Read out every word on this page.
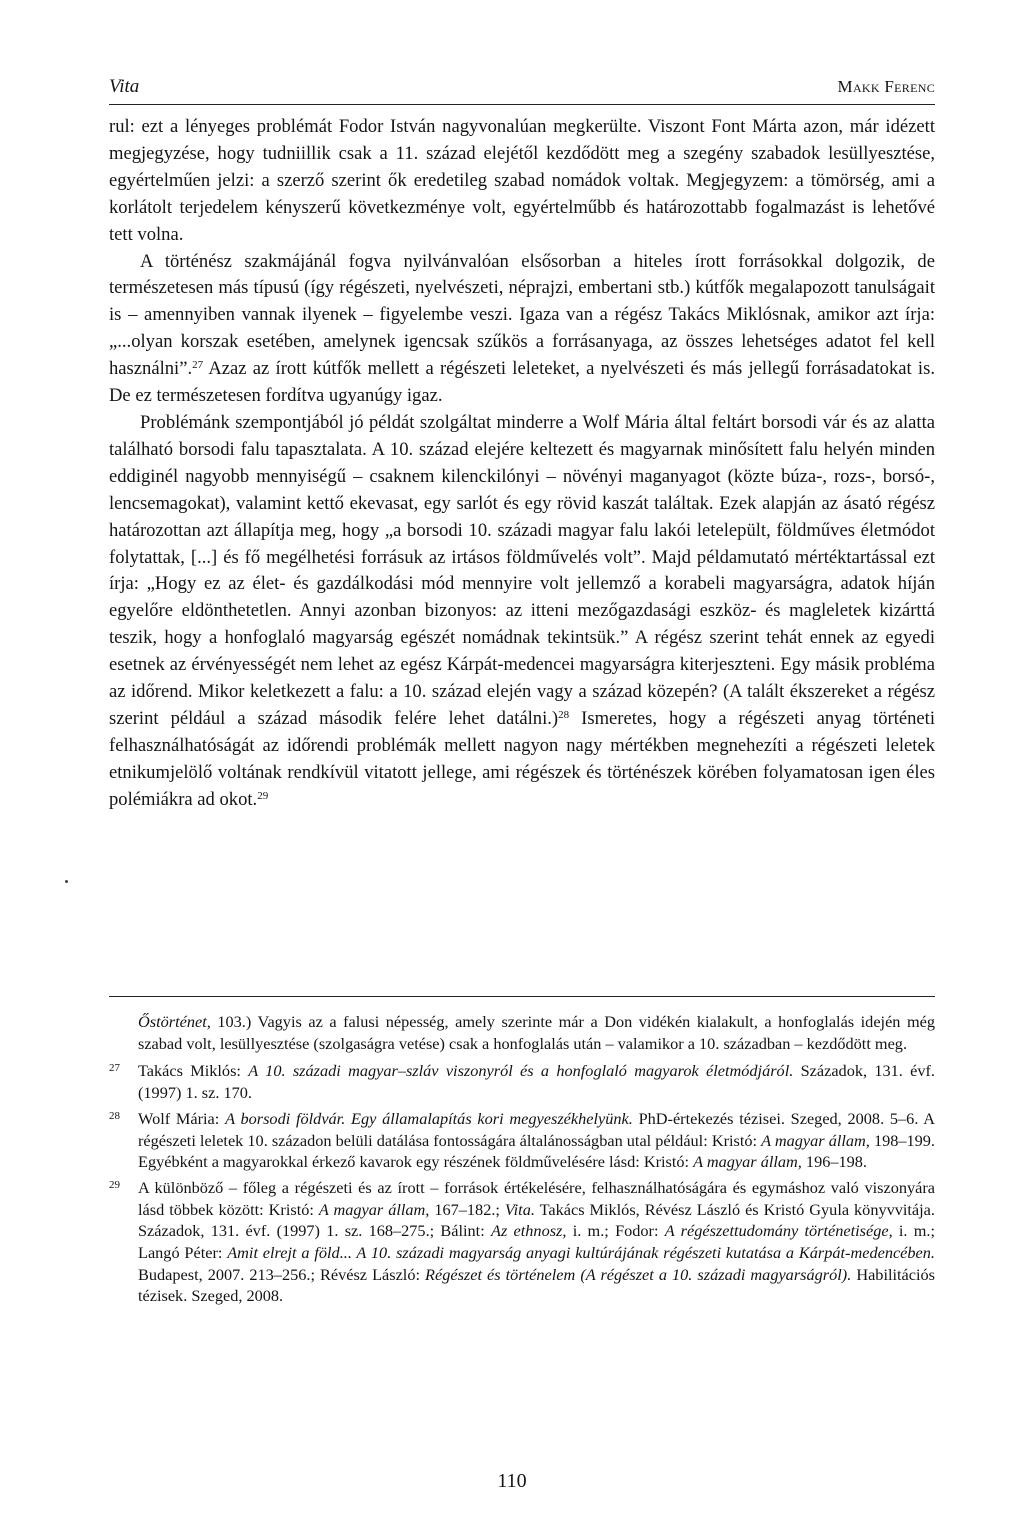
Vita	Makk Ferenc

rul: ezt a lényeges problémát Fodor István nagyvonalúan megkerülte. Viszont Font Márta azon, már idézett megjegyzése, hogy tudniillik csak a 11. század elejétől kezdődött meg a szegény szabadok lesüllyesztése, egyértelműen jelzi: a szerző szerint ők eredetileg szabad nomádok voltak. Megjegyzem: a tömörség, ami a korlátolt terjedelem kényszerű következménye volt, egyértelműbb és határozottabb fogalmazást is lehetővé tett volna.

A történész szakmájánál fogva nyilvánvalóan elsősorban a hiteles írott forrásokkal dolgozik, de természetesen más típusú (így régészeti, nyelvészeti, néprajzi, embertani stb.) kútfők megalapozott tanulságait is – amennyiben vannak ilyenek – figyelembe veszi. Igaza van a régész Takács Miklósnak, amikor azt írja: „...olyan korszak esetében, amelynek igencsak szűkös a forrásanyaga, az összes lehetséges adatot fel kell használni”.$^{27}$ Azaz az írott kútfők mellett a régészeti leleteket, a nyelvészeti és más jellegű forrásadatokat is. De ez természetesen fordítva ugyanúgy igaz.

Problémánk szempontjából jó példát szolgáltat minderre a Wolf Mária által feltárt borsodi vár és az alatta található borsodi falu tapasztalata. A 10. század elejére keltezett és magyarnak minősített falu helyén minden eddiginél nagyobb mennyiségű – csaknem kilenckilónyi – növényi maganyagot (közte búza-, rozs-, borsó-, lencsemagokat), valamint kettő ekevasat, egy sarlót és egy rövid kaszát találtak. Ezek alapján az ásató régész határozottan azt állapítja meg, hogy „a borsodi 10. századi magyar falu lakói letelepült, földműves életmódot folytattak, [...] és fő megélhetési forrásuk az irtásos földművelés volt”. Majd példamutató mértéktartással ezt írja: „Hogy ez az élet- és gazdálkodási mód mennyire volt jellemző a korabeli magyarságra, adatok híján egyelőre eldönthetetlen. Annyi azonban bizonyos: az itteni mezőgazdasági eszköz- és magleletek kizárttá teszik, hogy a honfoglaló magyarság egészét nomádnak tekintsük.” A régész szerint tehát ennek az egyedi esetnek az érvényességét nem lehet az egész Kárpát-medencei magyarságra kiterjeszteni. Egy másik probléma az időrend. Mikor keletkezett a falu: a 10. század elején vagy a század közepén? (A talált ékszereket a régész szerint például a század második felére lehet datálni.)$^{28}$ Ismeretes, hogy a régészeti anyag történeti felhasználhatóságát az időrendi problémák mellett nagyon nagy mértékben megnehezíti a régészeti leletek etnikumjelölő voltának rendkívül vitatott jellege, ami régészek és történészek körében folyamatosan igen éles polémiákra ad okot.$^{29}$

Őstörténet, 103.) Vagyis az a falusi népesség, amely szerinte már a Don vidékén kialakult, a honfoglalás idején még szabad volt, lesüllyesztése (szolgaságra vetése) csak a honfoglalás után – valamikor a 10. században – kezdődött meg.
27 Takács Miklós: A 10. századi magyar–szláv viszonyról és a honfoglaló magyarok életmódjáról. Századok, 131. évf. (1997) 1. sz. 170.
28 Wolf Mária: A borsodi földvár. Egy államalapítás kori megyeszékhelyünk. PhD-értekezés tézisei. Szeged, 2008. 5–6. A régészeti leletek 10. századon belüli datálása fontosságára általánosságban utal például: Kristó: A magyar állam, 198–199. Egyébként a magyarokkal érkező kavarok egy részének földművelésére lásd: Kristó: A magyar állam, 196–198.
29 A különböző – főleg a régészeti és az írott – források értékelésére, felhasználhatóságára és egymáshoz való viszonyára lásd többek között: Kristó: A magyar állam, 167–182.; Vita. Takács Miklós, Révész László és Kristó Gyula könyvvitája. Századok, 131. évf. (1997) 1. sz. 168–275.; Bálint: Az ethnosz, i. m.; Fodor: A régészettudomány történetisége, i. m.; Langó Péter: Amit elrejt a föld... A 10. századi magyarság anyagi kultúrájának régészeti kutatása a Kárpát-medencében. Budapest, 2007. 213–256.; Révész László: Régészet és történelem (A régészet a 10. századi magyarságról). Habilitációs tézisek. Szeged, 2008.
110
